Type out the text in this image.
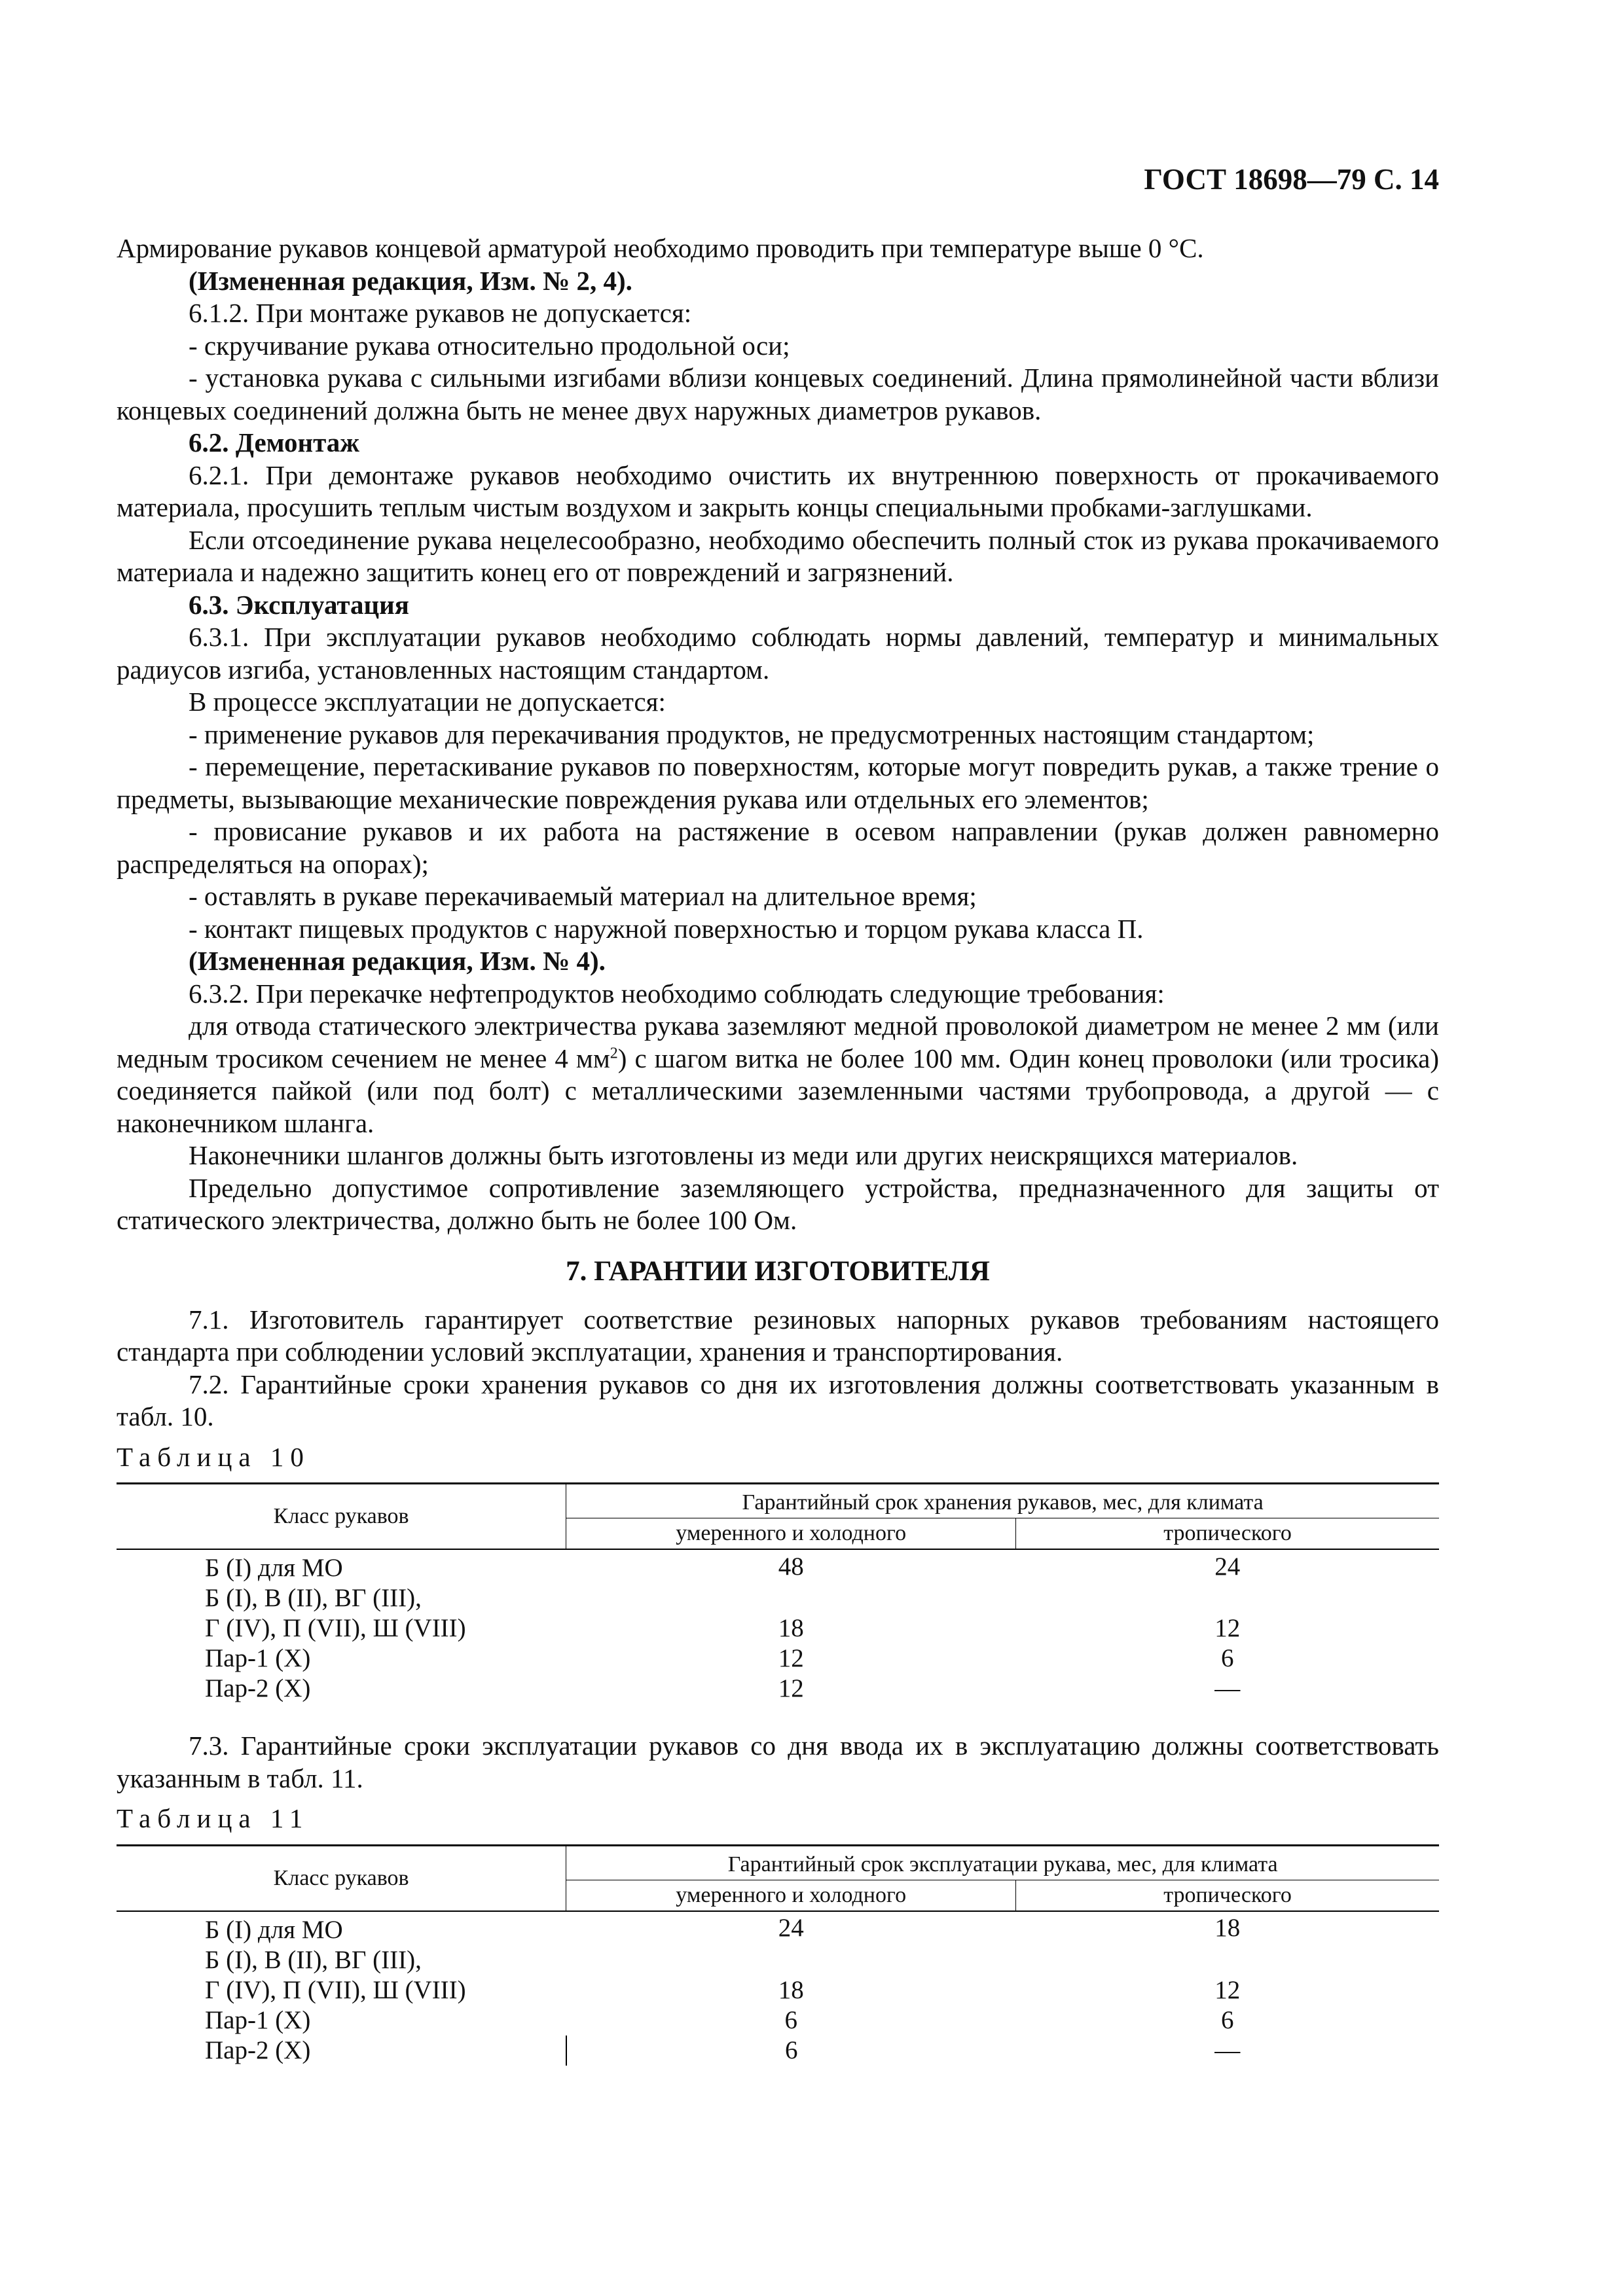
ГОСТ 18698—79 С. 14

Армирование рукавов концевой арматурой необходимо проводить при температуре выше 0 °С.

(Измененная редакция, Изм. № 2, 4).

6.1.2. При монтаже рукавов не допускается:

- скручивание рукава относительно продольной оси;

- установка рукава с сильными изгибами вблизи концевых соединений. Длина прямолинейной части вблизи концевых соединений должна быть не менее двух наружных диаметров рукавов.

6.2. Демонтаж

6.2.1. При демонтаже рукавов необходимо очистить их внутреннюю поверхность от прокачиваемого материала, просушить теплым чистым воздухом и закрыть концы специальными пробками-заглушками.

Если отсоединение рукава нецелесообразно, необходимо обеспечить полный сток из рукава прокачиваемого материала и надежно защитить конец его от повреждений и загрязнений.

6.3. Эксплуатация

6.3.1. При эксплуатации рукавов необходимо соблюдать нормы давлений, температур и минимальных радиусов изгиба, установленных настоящим стандартом.

В процессе эксплуатации не допускается:

- применение рукавов для перекачивания продуктов, не предусмотренных настоящим стандартом;

- перемещение, перетаскивание рукавов по поверхностям, которые могут повредить рукав, а также трение о предметы, вызывающие механические повреждения рукава или отдельных его элементов;

- провисание рукавов и их работа на растяжение в осевом направлении (рукав должен равномерно распределяться на опорах);

- оставлять в рукаве перекачиваемый материал на длительное время;

- контакт пищевых продуктов с наружной поверхностью и торцом рукава класса П.

(Измененная редакция, Изм. № 4).

6.3.2. При перекачке нефтепродуктов необходимо соблюдать следующие требования:

для отвода статического электричества рукава заземляют медной проволокой диаметром не менее 2 мм (или медным тросиком сечением не менее 4 $мм^2$) с шагом витка не более 100 мм. Один конец проволоки (или тросика) соединяется пайкой (или под болт) с металлическими заземленными частями трубопровода, а другой — с наконечником шланга.

Наконечники шлангов должны быть изготовлены из меди или других неискрящихся материалов.

Предельно допустимое сопротивление заземляющего устройства, предназначенного для защиты от статического электричества, должно быть не более 100 Ом.

7. ГАРАНТИИ ИЗГОТОВИТЕЛЯ

7.1. Изготовитель гарантирует соответствие резиновых напорных рукавов требованиям настоящего стандарта при соблюдении условий эксплуатации, хранения и транспортирования.

7.2. Гарантийные сроки хранения рукавов со дня их изготовления должны соответствовать указанным в табл. 10.

Таблица 10

Класс рукавов	Гарантийный срок хранения рукавов, мес, для климата	
	умеренного и холодного	тропического
Б (I) для МО	48	24
Б (I), В (II), ВГ (III),		
Г (IV), П (VII), Ш (VIII)	18	12
Пар-1 (X)	12	6
Пар-2 (X)	12	—

7.3. Гарантийные сроки эксплуатации рукавов со дня ввода их в эксплуатацию должны соответствовать указанным в табл. 11.

Таблица 11

Класс рукавов	Гарантийный срок эксплуатации рукава, мес, для климата	
	умеренного и холодного	тропического
Б (I) для МО	24	18
Б (I), В (II), ВГ (III),		
Г (IV), П (VII), Ш (VIII)	18	12
Пар-1 (X)	6	6
Пар-2 (X)	6	—
